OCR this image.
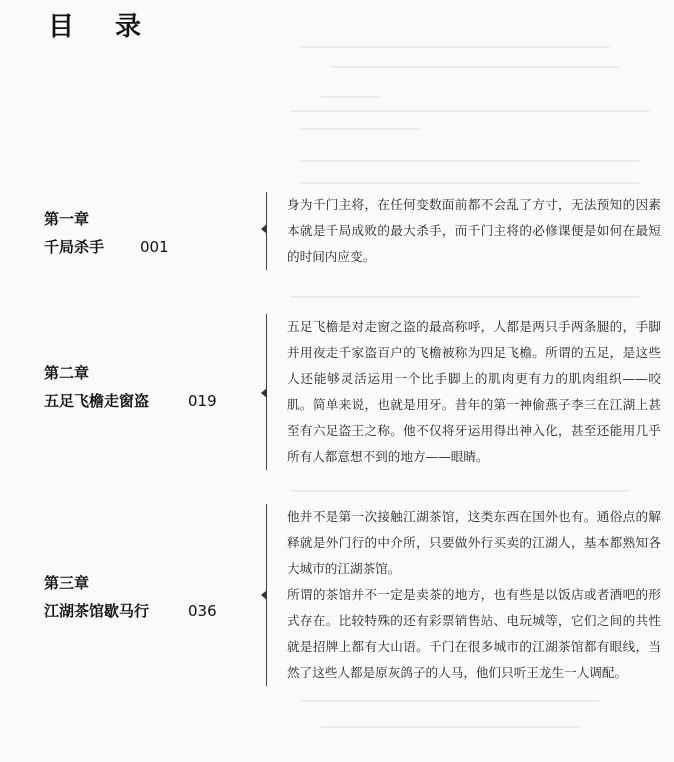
目 录
第一章
千局杀手 001

身为千门主将，在任何变数面前都不会乱了方寸，无法预知的因素本就是千局成败的最大杀手，而千门主将的必修课便是如何在最短的时间内应变。

第二章
五足飞檐走窗盗	019

五足飞檐是对走窗之盗的最高称呼，人都是两只手两条腿的，手脚并用夜走千家盗百户的飞檐被称为四足飞檐。所谓的五足，是这些人还能够灵活运用一个比手脚上的肌肉更有力的肌肉组织——咬肌。简单来说，也就是用牙。昔年的第一神偷燕子李三在江湖上甚至有六足盗王之称。他不仅将牙运用得出神入化，甚至还能用几乎所有人都意想不到的地方——眼睛。

第三章
江湖茶馆歇马行	036

他并不是第一次接触江湖茶馆，这类东西在国外也有。通俗点的解释就是外门行的中介所，只要做外行买卖的江湖人，基本都熟知各大城市的江湖茶馆。

所谓的茶馆并不一定是卖茶的地方，也有些是以饭店或者酒吧的形式存在。比较特殊的还有彩票销售站、电玩城等，它们之间的共性就是招牌上都有大山语。千门在很多城市的江湖茶馆都有眼线，当然了这些人都是原灰鸽子的人马，他们只听王龙生一人调配。
